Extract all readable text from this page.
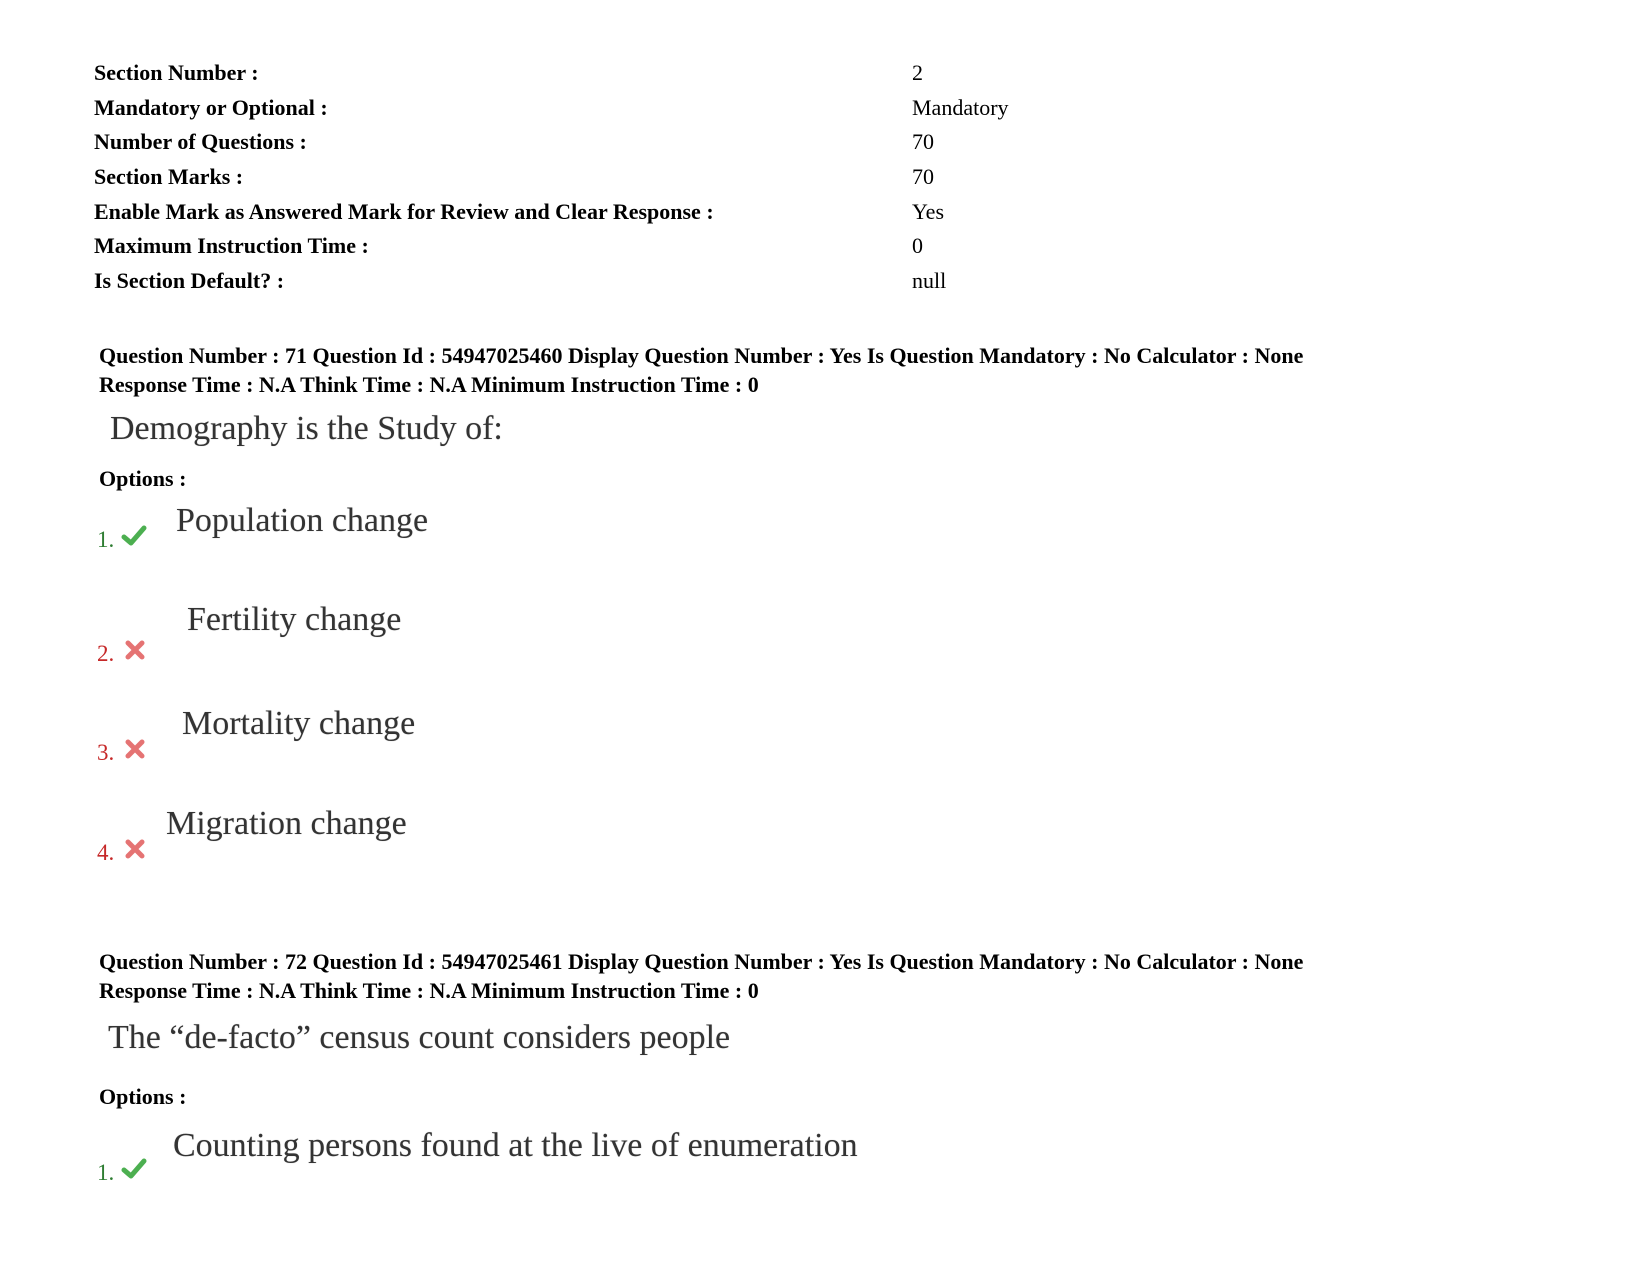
Section Number :	2
Mandatory or Optional :	Mandatory
Number of Questions :	70
Section Marks :	70
Enable Mark as Answered Mark for Review and Clear Response :	Yes
Maximum Instruction Time :	0
Is Section Default? :	null
Question Number : 71 Question Id : 54947025460 Display Question Number : Yes Is Question Mandatory : No Calculator : None
Response Time : N.A Think Time : N.A Minimum Instruction Time : 0
Demography is the Study of:
Options :
1.
Population change
2.
Fertility change
3.
Mortality change
4.
Migration change
Question Number : 72 Question Id : 54947025461 Display Question Number : Yes Is Question Mandatory : No Calculator : None
Response Time : N.A Think Time : N.A Minimum Instruction Time : 0
The “de-facto” census count considers people
Options :
1.
Counting persons found at the live of enumeration
